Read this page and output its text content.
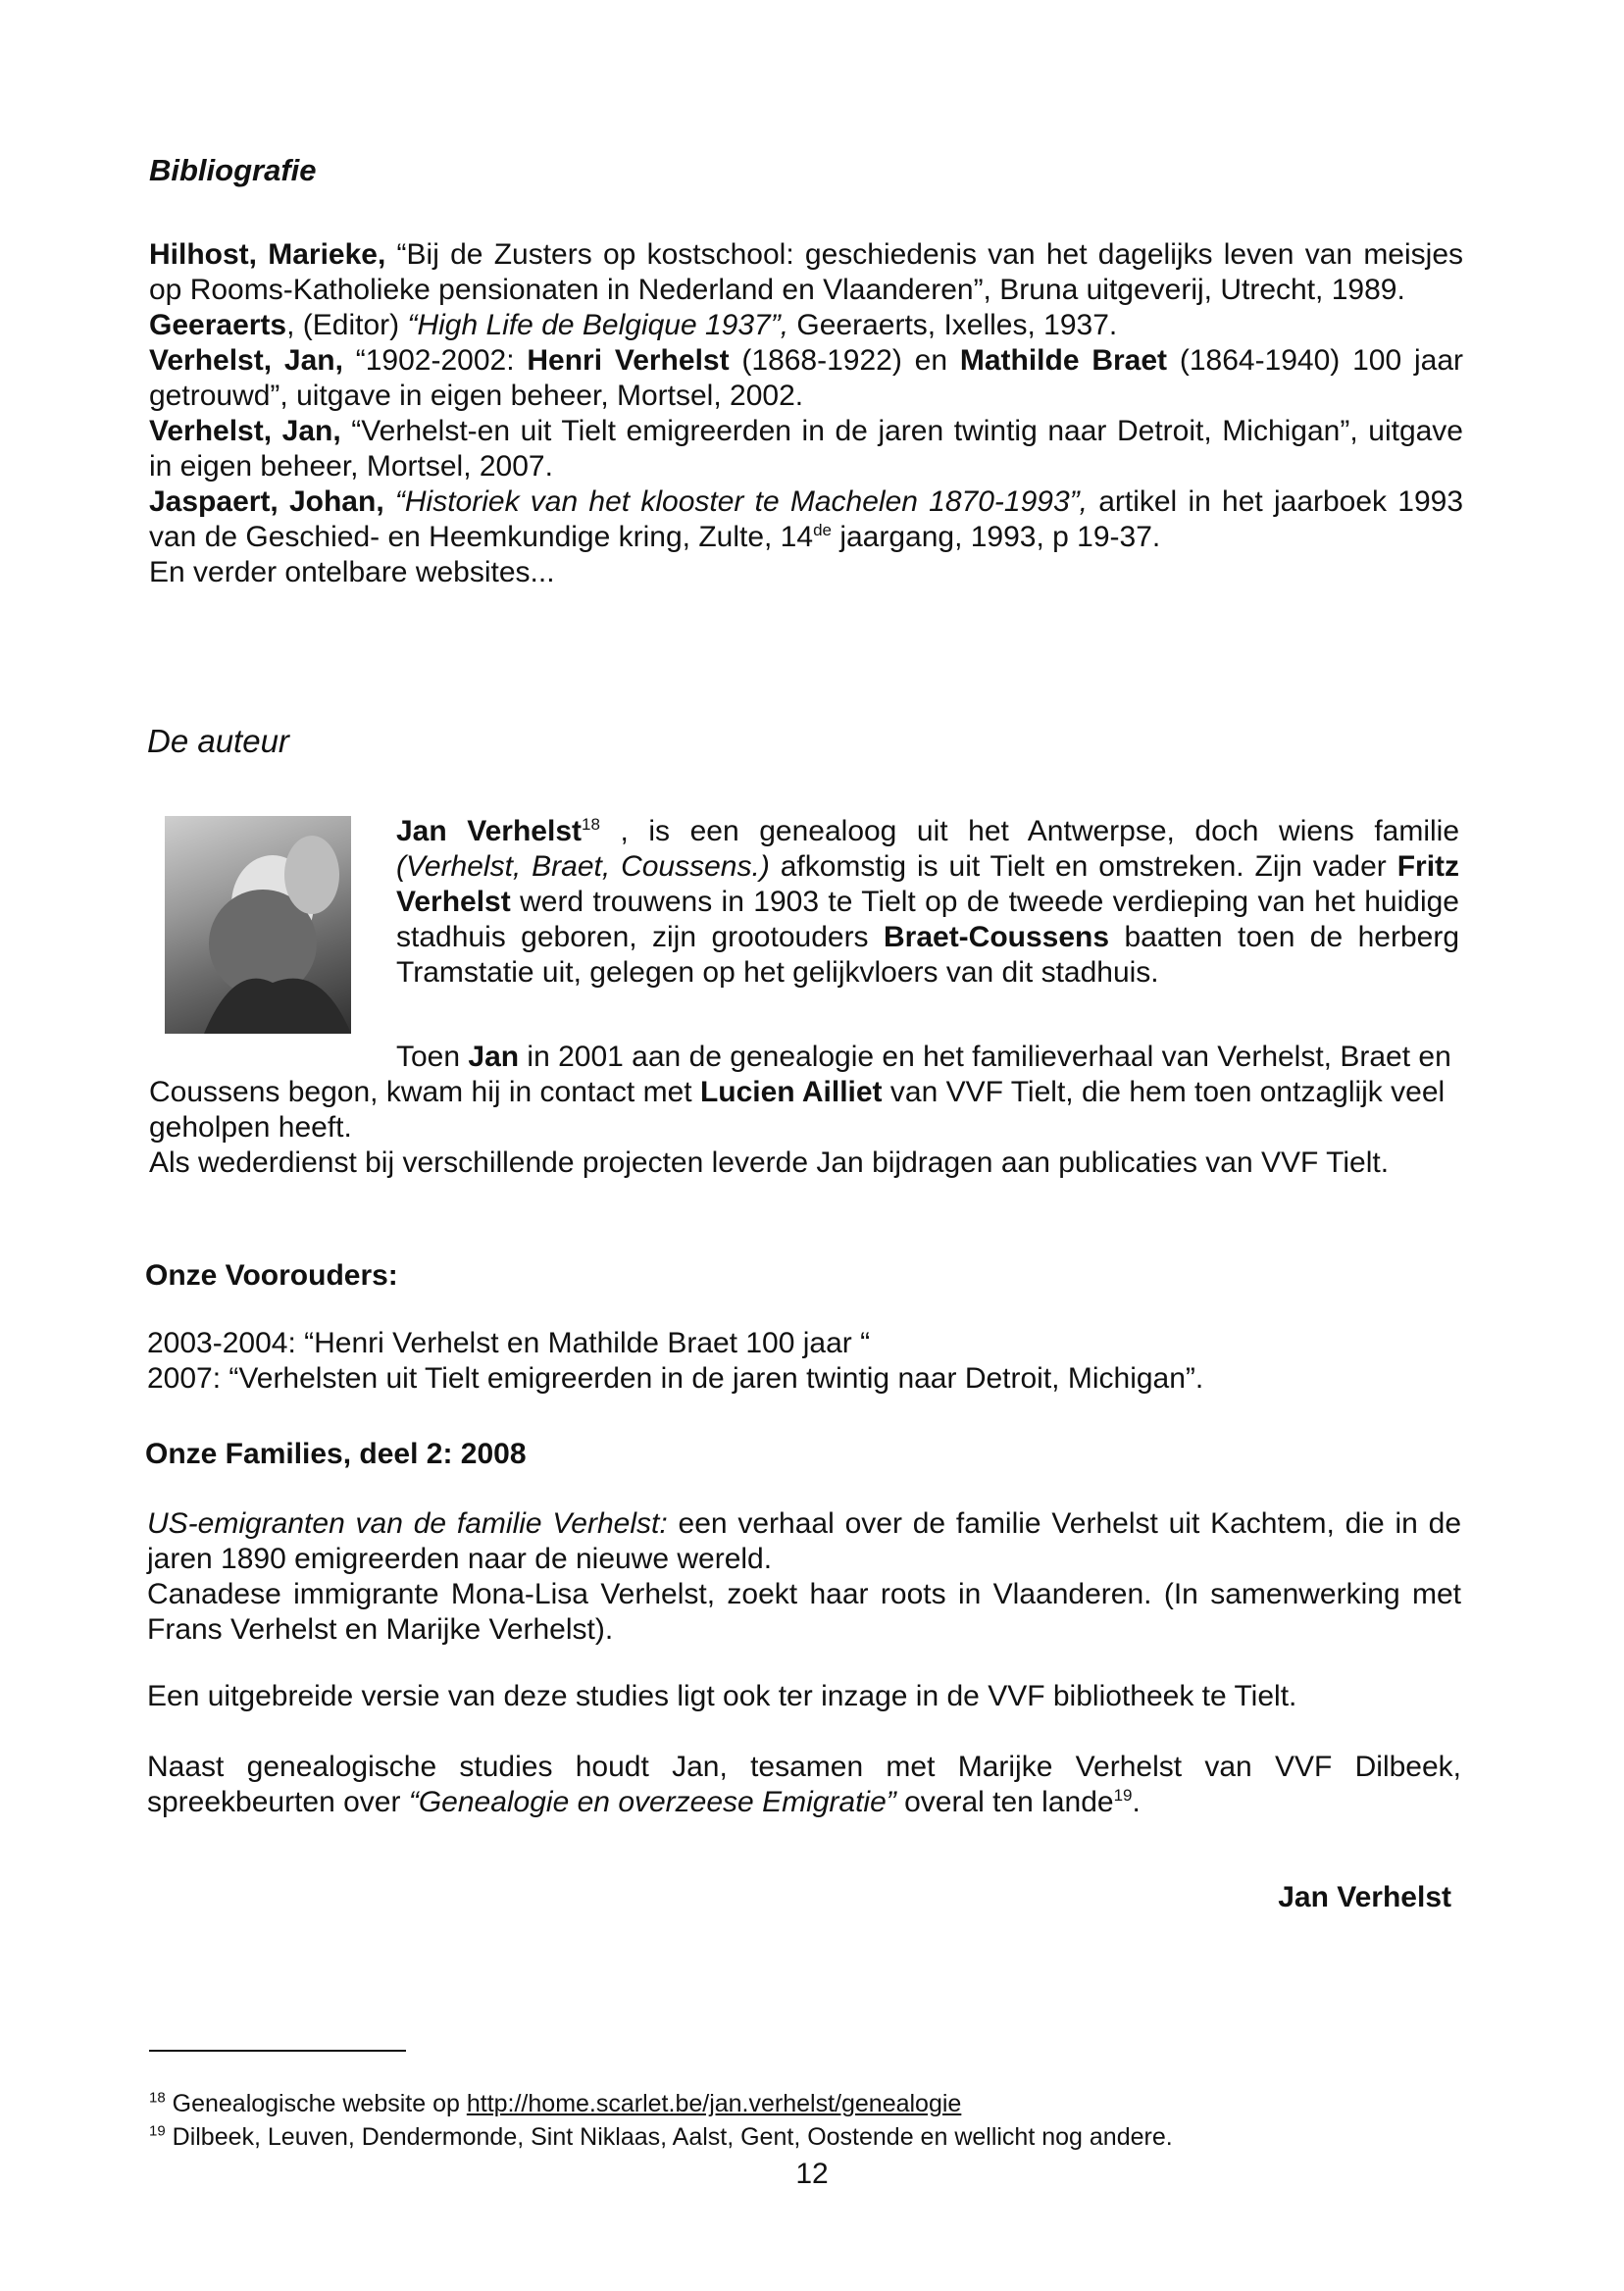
Bibliografie

Hilhost, Marieke, “Bij de Zusters op kostschool: geschiedenis van het dagelijks leven van meisjes op Rooms-Katholieke pensionaten in Nederland en Vlaanderen”, Bruna uitgeverij, Utrecht, 1989.

Geeraerts, (Editor) “High Life de Belgique 1937”, Geeraerts, Ixelles, 1937.

Verhelst, Jan, “1902-2002: Henri Verhelst (1868-1922) en Mathilde Braet (1864-1940) 100 jaar getrouwd”, uitgave in eigen beheer, Mortsel, 2002.

Verhelst, Jan, “Verhelst-en uit Tielt emigreerden in de jaren twintig naar Detroit, Michigan”, uitgave in eigen beheer, Mortsel, 2007.

Jaspaert, Johan, “Historiek van het klooster te Machelen 1870-1993”, artikel in het jaarboek 1993 van de Geschied- en Heemkundige kring, Zulte, 14de jaargang, 1993, p 19-37.

En verder ontelbare websites...

De auteur
Jan Verhelst$^{18}$ , is een genealoog uit het Antwerpse, doch wiens familie (Verhelst, Braet, Coussens.) afkomstig is uit Tielt en omstreken. Zijn vader Fritz Verhelst werd trouwens in 1903 te Tielt op de tweede verdieping van het huidige stadhuis geboren, zijn grootouders Braet-Coussens baatten toen de herberg Tramstatie uit, gelegen op het gelijkvloers van dit stadhuis.

Toen Jan in 2001 aan de genealogie en het familieverhaal van Verhelst, Braet en Coussens begon, kwam hij in contact met Lucien Ailliet van VVF Tielt, die hem toen ontzaglijk veel geholpen heeft.

Als wederdienst bij verschillende projecten leverde Jan bijdragen aan publicaties van VVF Tielt.

Onze Voorouders:

2003-2004: “Henri Verhelst en Mathilde Braet 100 jaar “

2007: “Verhelsten uit Tielt emigreerden in de jaren twintig naar Detroit, Michigan”.

Onze Families, deel 2: 2008

US-emigranten van de familie Verhelst: een verhaal over de familie Verhelst uit Kachtem, die in de jaren 1890 emigreerden naar de nieuwe wereld.

Canadese immigrante Mona-Lisa Verhelst, zoekt haar roots in Vlaanderen. (In samenwerking met Frans Verhelst en Marijke Verhelst).

Een uitgebreide versie van deze studies ligt ook ter inzage in de VVF bibliotheek te Tielt.
Naast genealogische studies houdt Jan, tesamen met Marijke Verhelst van VVF Dilbeek, spreekbeurten over “Genealogie en overzeese Emigratie” overal ten lande$^{19}$.
Jan Verhelst

$^{18}$ Genealogische website op http://home.scarlet.be/jan.verhelst/genealogie

$^{19}$ Dilbeek, Leuven, Dendermonde, Sint Niklaas, Aalst, Gent, Oostende en wellicht nog andere.

12
